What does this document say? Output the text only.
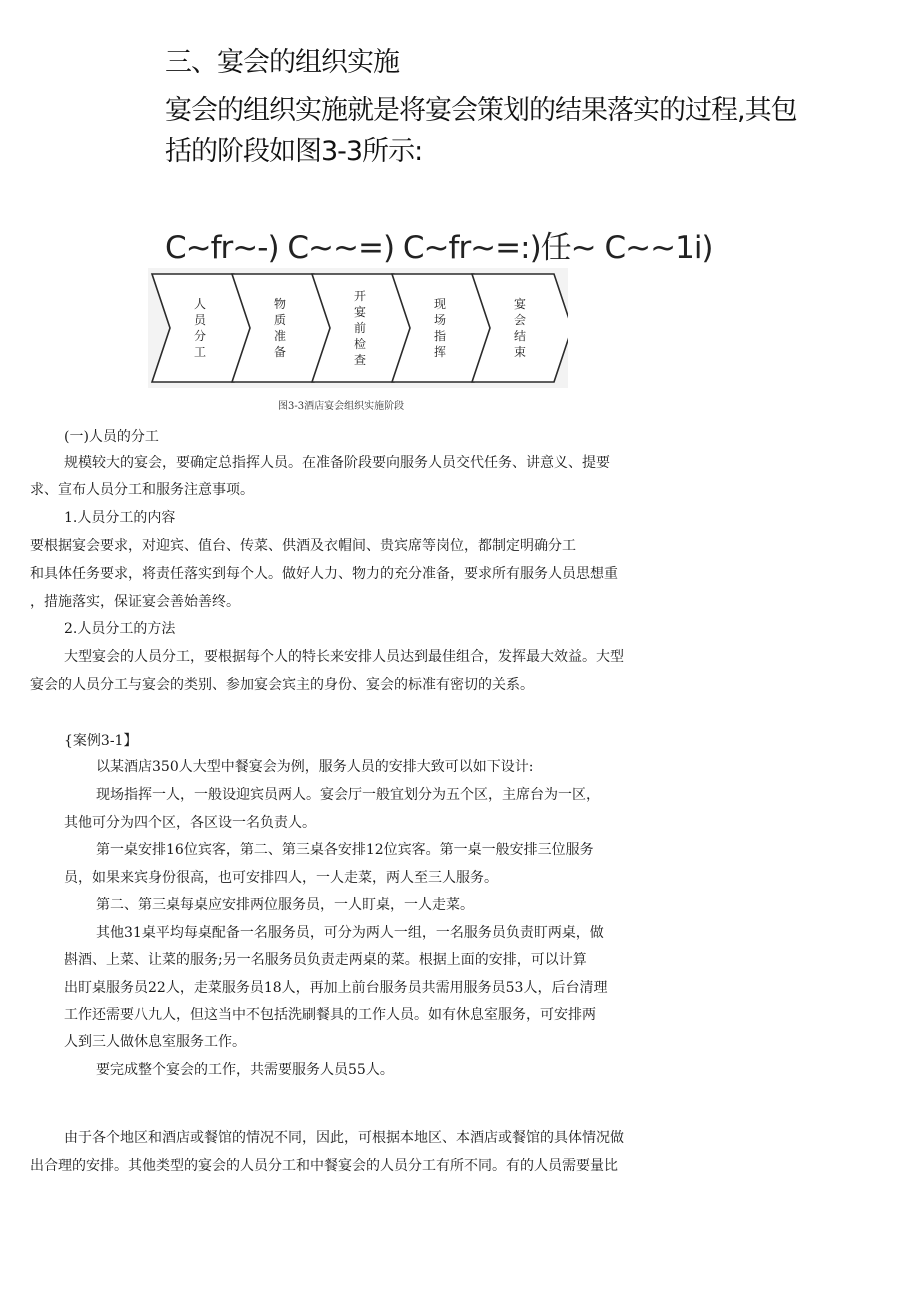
三、宴会的组织实施
宴会的组织实施就是将宴会策划的结果落实的过程,其包
括的阶段如图3-3所示:
C~fr~-) C~~=) C~fr~=:)任~ C~~1i)
人
员
分
工
物
质
准
备
开
宴
前
检
查
现
场
指
挥
宴
会
结
束
图3-3酒店宴会组织实施阶段
(一)人员的分工
规模较大的宴会，要确定总指挥人员。在准备阶段要向服务人员交代任务、讲意义、提要
求、宣布人员分工和服务注意事项。
1.人员分工的内容
要根据宴会要求，对迎宾、值台、传菜、供酒及衣帽间、贵宾席等岗位，都制定明确分工
和具体任务要求，将责任落实到每个人。做好人力、物力的充分准备，要求所有服务人员思想重
，措施落实，保证宴会善始善终。
2.人员分工的方法
大型宴会的人员分工，要根据每个人的特长来安排人员达到最佳组合，发挥最大效益。大型
宴会的人员分工与宴会的类别、参加宴会宾主的身份、宴会的标准有密切的关系。
{案例3-1】
以某酒店350人大型中餐宴会为例，服务人员的安排大致可以如下设计:
现场指挥一人，一般设迎宾员两人。宴会厅一般宜划分为五个区，主席台为一区，
其他可分为四个区，各区设一名负责人。
第一桌安排16位宾客，第二、第三桌各安排12位宾客。第一桌一般安排三位服务
员，如果来宾身份很高，也可安排四人，一人走菜，两人至三人服务。
第二、第三桌每桌应安排两位服务员，一人盯桌，一人走菜。
其他31桌平均每桌配备一名服务员，可分为两人一组，一名服务员负责盯两桌，做
斟酒、上菜、让菜的服务;另一名服务员负责走两桌的菜。根据上面的安排，可以计算
出盯桌服务员22人，走菜服务员18人，再加上前台服务员共需用服务员53人，后台清理
工作还需要八九人，但这当中不包括洗刷餐具的工作人员。如有休息室服务，可安排两
人到三人做休息室服务工作。
要完成整个宴会的工作，共需要服务人员55人。
由于各个地区和酒店或餐馆的情况不同，因此，可根据本地区、本酒店或餐馆的具体情况做
出合理的安排。其他类型的宴会的人员分工和中餐宴会的人员分工有所不同。有的人员需要量比
